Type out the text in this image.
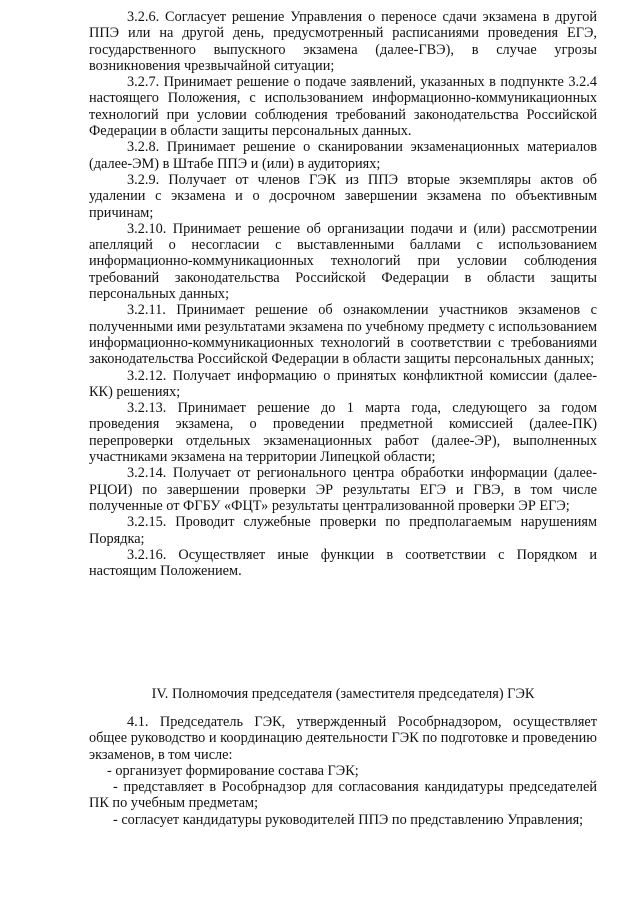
3.2.6. Согласует решение Управления о переносе сдачи экзамена в другой ППЭ или на другой день, предусмотренный расписаниями проведения ЕГЭ, государственного выпускного экзамена (далее-ГВЭ), в случае угрозы возникновения чрезвычайной ситуации;

3.2.7. Принимает решение о подаче заявлений, указанных в подпункте 3.2.4 настоящего Положения, с использованием информационно-коммуникационных технологий при условии соблюдения требований законодательства Российской Федерации в области защиты персональных данных.

3.2.8. Принимает решение о сканировании экзаменационных материалов (далее-ЭМ) в Штабе ППЭ и (или) в аудиториях;

3.2.9. Получает от членов ГЭК из ППЭ вторые экземпляры актов об удалении с экзамена и о досрочном завершении экзамена по объективным причинам;

3.2.10. Принимает решение об организации подачи и (или) рассмотрении апелляций о несогласии с выставленными баллами с использованием информационно-коммуникационных технологий при условии соблюдения требований законодательства Российской Федерации в области защиты персональных данных;

3.2.11. Принимает решение об ознакомлении участников экзаменов с полученными ими результатами экзамена по учебному предмету с использованием информационно-коммуникационных технологий в соответствии с требованиями законодательства Российской Федерации в области защиты персональных данных;

3.2.12. Получает информацию о принятых конфликтной комиссии (далее-КК) решениях;

3.2.13. Принимает решение до 1 марта года, следующего за годом проведения экзамена, о проведении предметной комиссией (далее-ПК) перепроверки отдельных экзаменационных работ (далее-ЭР), выполненных участниками экзамена на территории Липецкой области;

3.2.14. Получает от регионального центра обработки информации (далее-РЦОИ) по завершении проверки ЭР результаты ЕГЭ и ГВЭ, в том числе полученные от ФГБУ «ФЦТ» результаты централизованной проверки ЭР ЕГЭ;

3.2.15. Проводит служебные проверки по предполагаемым нарушениям Порядка;

3.2.16. Осуществляет иные функции в соответствии с Порядком и настоящим Положением.

IV. Полномочия председателя (заместителя председателя) ГЭК

4.1. Председатель ГЭК, утвержденный Рособрнадзором, осуществляет общее руководство и координацию деятельности ГЭК по подготовке и проведению экзаменов, в том числе:

- организует формирование состава ГЭК;

- представляет в Рособрнадзор для согласования кандидатуры председателей ПК по учебным предметам;

- согласует кандидатуры руководителей ППЭ по представлению Управления;
